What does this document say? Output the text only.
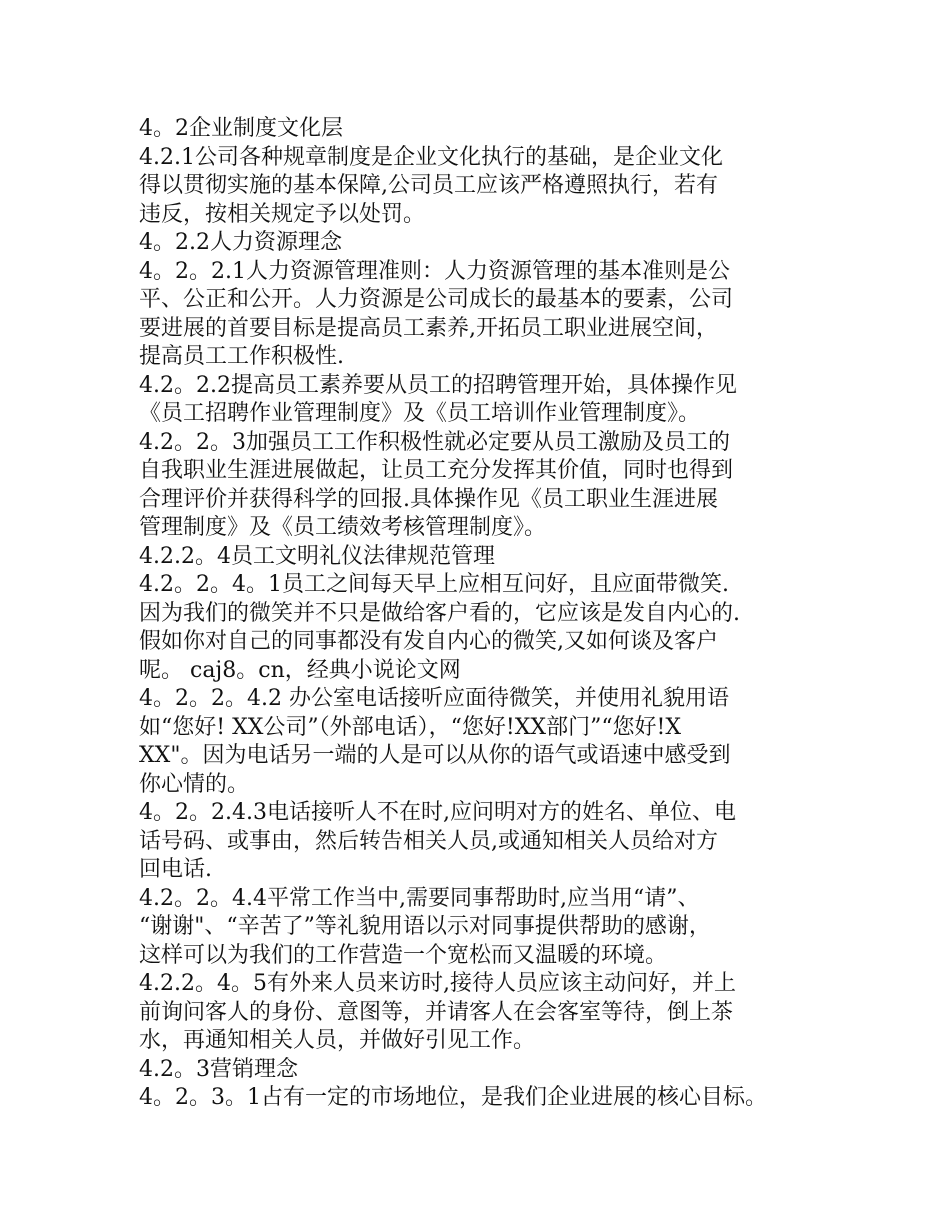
4。2企业制度文化层
4.2.1公司各种规章制度是企业文化执行的基础，是企业文化
得以贯彻实施的基本保障,公司员工应该严格遵照执行，若有
违反，按相关规定予以处罚。
4。2.2人力资源理念
4。2。2.1人力资源管理准则：人力资源管理的基本准则是公
平、公正和公开。人力资源是公司成长的最基本的要素，公司
要进展的首要目标是提高员工素养,开拓员工职业进展空间，
提高员工工作积极性.
4.2。2.2提高员工素养要从员工的招聘管理开始，具体操作见
《员工招聘作业管理制度》及《员工培训作业管理制度》。
4.2。2。3加强员工工作积极性就必定要从员工激励及员工的
自我职业生涯进展做起，让员工充分发挥其价值，同时也得到
合理评价并获得科学的回报.具体操作见《员工职业生涯进展
管理制度》及《员工绩效考核管理制度》。
4.2.2。4员工文明礼仪法律规范管理
4.2。2。4。1员工之间每天早上应相互问好，且应面带微笑.
因为我们的微笑并不只是做给客户看的，它应该是发自内心的.
假如你对自己的同事都没有发自内心的微笑,又如何谈及客户
呢。 caj8。cn，经典小说论文网
4。2。2。4.2 办公室电话接听应面待微笑，并使用礼貌用语
如“您好! XX公司”（外部电话），“您好!XX部门”“您好!X
XX"。因为电话另一端的人是可以从你的语气或语速中感受到
你心情的。
4。2。2.4.3电话接听人不在时,应问明对方的姓名、单位、电
话号码、或事由，然后转告相关人员,或通知相关人员给对方
回电话.
4.2。2。4.4平常工作当中,需要同事帮助时,应当用“请”、
“谢谢"、“辛苦了”等礼貌用语以示对同事提供帮助的感谢，
这样可以为我们的工作营造一个宽松而又温暖的环境。
4.2.2。4。5有外来人员来访时,接待人员应该主动问好，并上
前询问客人的身份、意图等，并请客人在会客室等待，倒上茶
水，再通知相关人员，并做好引见工作。
4.2。3营销理念
4。2。3。1占有一定的市场地位，是我们企业进展的核心目标。
